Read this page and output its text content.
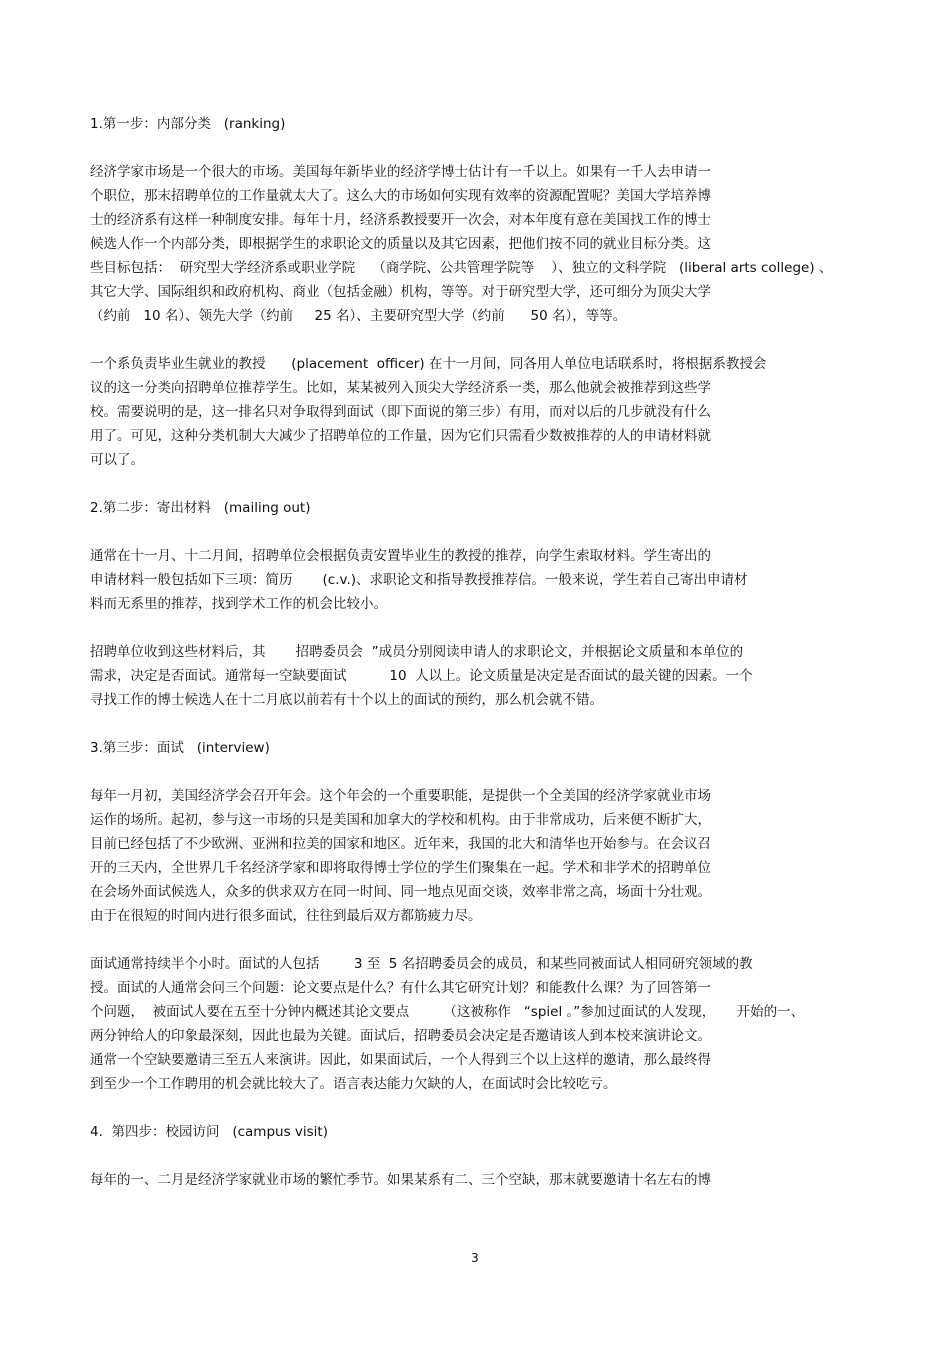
1.第一步：内部分类   (ranking)
经济学家市场是一个很大的市场。美国每年新毕业的经济学博士估计有一千以上。如果有一千人去申请一
个职位，那末招聘单位的工作量就太大了。这么大的市场如何实现有效率的资源配置呢？美国大学培养博
士的经济系有这样一种制度安排。每年十月，经济系教授要开一次会，对本年度有意在美国找工作的博士
候选人作一个内部分类，即根据学生的求职论文的质量以及其它因素，把他们按不同的就业目标分类。这
些目标包括：  研究型大学经济系或职业学院    （商学院、公共管理学院等    ）、独立的文科学院   (liberal arts college) 、
其它大学、国际组织和政府机构、商业（包括金融）机构，等等。对于研究型大学，还可细分为顶尖大学
（约前   10 名）、领先大学（约前     25 名）、主要研究型大学（约前      50 名），等等。
一个系负责毕业生就业的教授      (placement  officer) 在十一月间，同各用人单位电话联系时，将根据系教授会
议的这一分类向招聘单位推荐学生。比如，某某被列入顶尖大学经济系一类，那么他就会被推荐到这些学
校。需要说明的是，这一排名只对争取得到面试（即下面说的第三步）有用，而对以后的几步就没有什么
用了。可见，这种分类机制大大减少了招聘单位的工作量，因为它们只需看少数被推荐的人的申请材料就
可以了。
2.第二步：寄出材料   (mailing out)
通常在十一月、十二月间，招聘单位会根据负责安置毕业生的教授的推荐，向学生索取材料。学生寄出的
申请材料一般包括如下三项：简历       (c.v.)、求职论文和指导教授推荐信。一般来说，学生若自己寄出申请材
料而无系里的推荐，找到学术工作的机会比较小。
招聘单位收到这些材料后，其       招聘委员会  ”成员分别阅读申请人的求职论文，并根据论文质量和本单位的
需求，决定是否面试。通常每一空缺要面试          10  人以上。论文质量是决定是否面试的最关键的因素。一个
寻找工作的博士候选人在十二月底以前若有十个以上的面试的预约，那么机会就不错。
3.第三步：面试   (interview)
每年一月初，美国经济学会召开年会。这个年会的一个重要职能，是提供一个全美国的经济学家就业市场
运作的场所。起初，参与这一市场的只是美国和加拿大的学校和机构。由于非常成功，后来便不断扩大，
目前已经包括了不少欧洲、亚洲和拉美的国家和地区。近年来，我国的北大和清华也开始参与。在会议召
开的三天内，全世界几千名经济学家和即将取得博士学位的学生们聚集在一起。学术和非学术的招聘单位
在会场外面试候选人，众多的供求双方在同一时间、同一地点见面交谈，效率非常之高，场面十分壮观。
由于在很短的时间内进行很多面试，往往到最后双方都筋疲力尽。
面试通常持续半个小时。面试的人包括        3 至  5 名招聘委员会的成员，和某些同被面试人相同研究领域的教
授。面试的人通常会问三个问题：论文要点是什么？有什么其它研究计划？和能教什么课？为了回答第一
个问题，  被面试人要在五至十分钟内概述其论文要点        （这被称作   “spiel 。”参加过面试的人发现，     开始的一、
两分钟给人的印象最深刻，因此也最为关键。面试后，招聘委员会决定是否邀请该人到本校来演讲论文。
通常一个空缺要邀请三至五人来演讲。因此，如果面试后，一个人得到三个以上这样的邀请，那么最终得
到至少一个工作聘用的机会就比较大了。语言表达能力欠缺的人，在面试时会比较吃亏。
4.  第四步：校园访问   (campus visit)
每年的一、二月是经济学家就业市场的繁忙季节。如果某系有二、三个空缺，那末就要邀请十名左右的博
3
